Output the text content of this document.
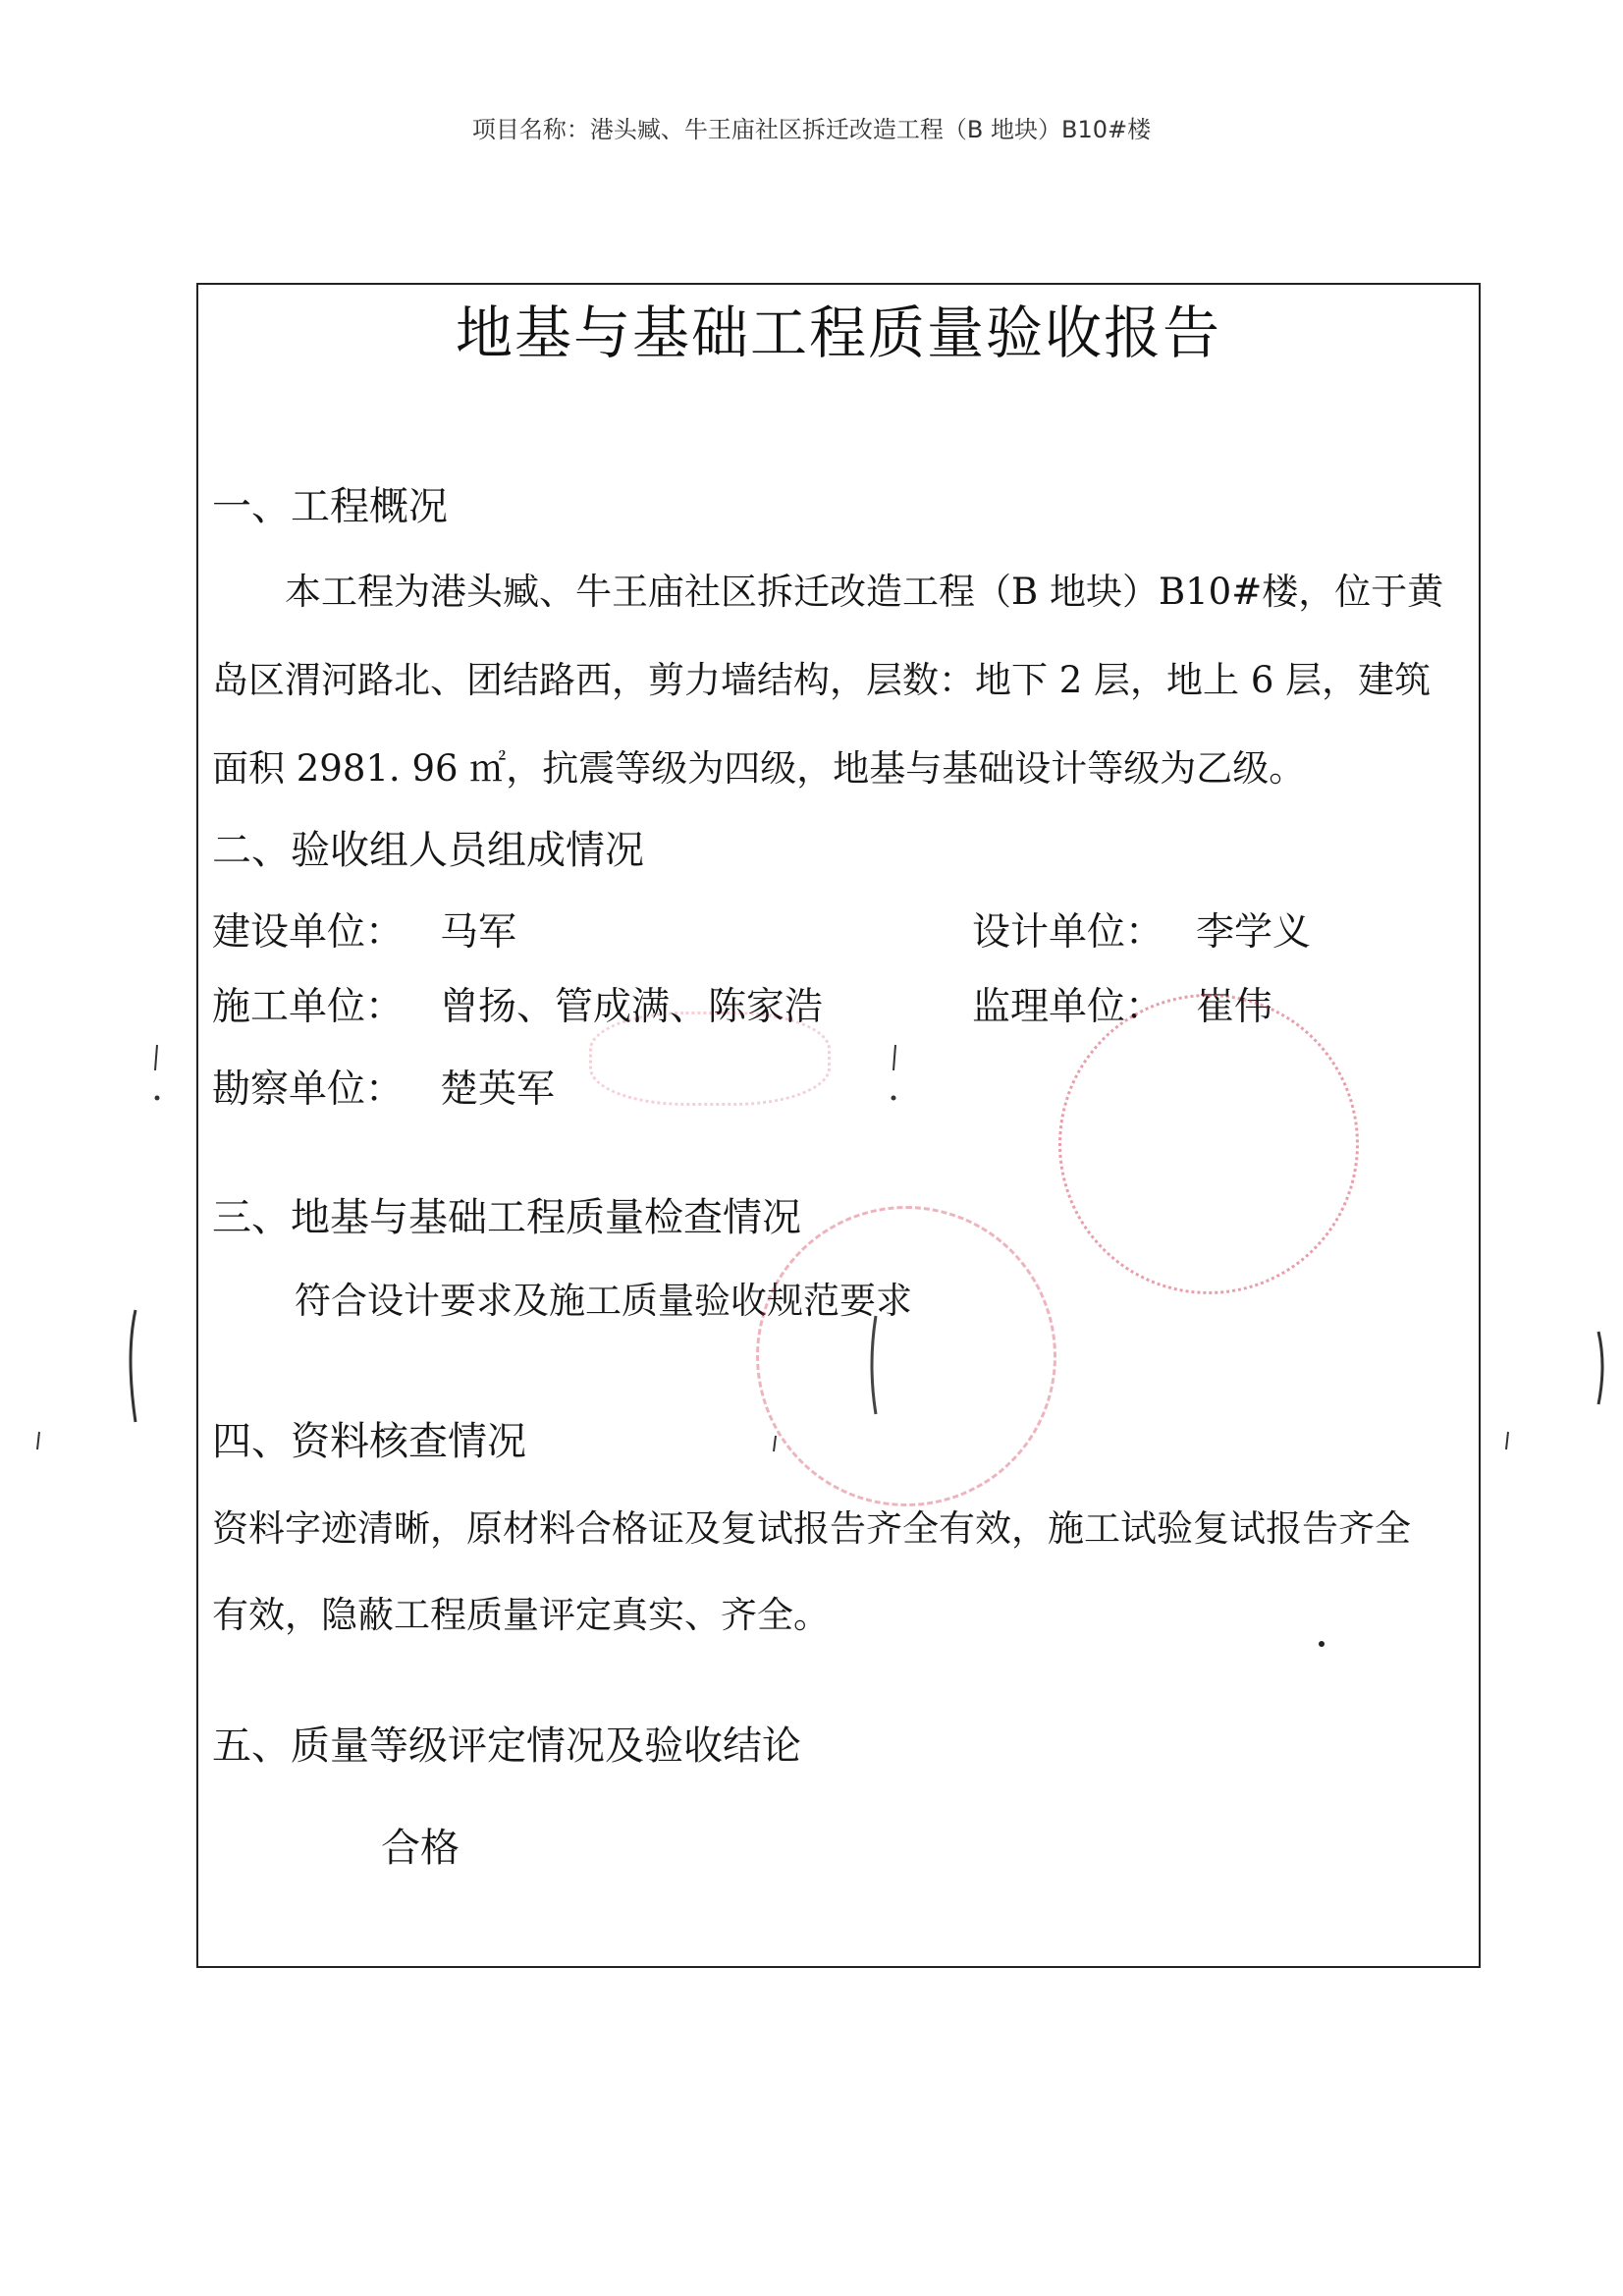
项目名称：港头臧、牛王庙社区拆迁改造工程（B 地块）B10#楼
地基与基础工程质量验收报告
一、工程概况
本工程为港头臧、牛王庙社区拆迁改造工程（B 地块）B10#楼，位于黄
岛区渭河路北、团结路西，剪力墙结构，层数：地下 2 层，地上 6 层，建筑
面积 2981. 96 ㎡，抗震等级为四级，地基与基础设计等级为乙级。
二、验收组人员组成情况
建设单位： 马军	设计单位： 李学义
施工单位： 曾扬、管成满、陈家浩	监理单位： 崔伟
勘察单位： 楚英军
三、地基与基础工程质量检查情况
符合设计要求及施工质量验收规范要求
四、资料核查情况
资料字迹清晰，原材料合格证及复试报告齐全有效，施工试验复试报告齐全
有效，隐蔽工程质量评定真实、齐全。
五、质量等级评定情况及验收结论
合格
